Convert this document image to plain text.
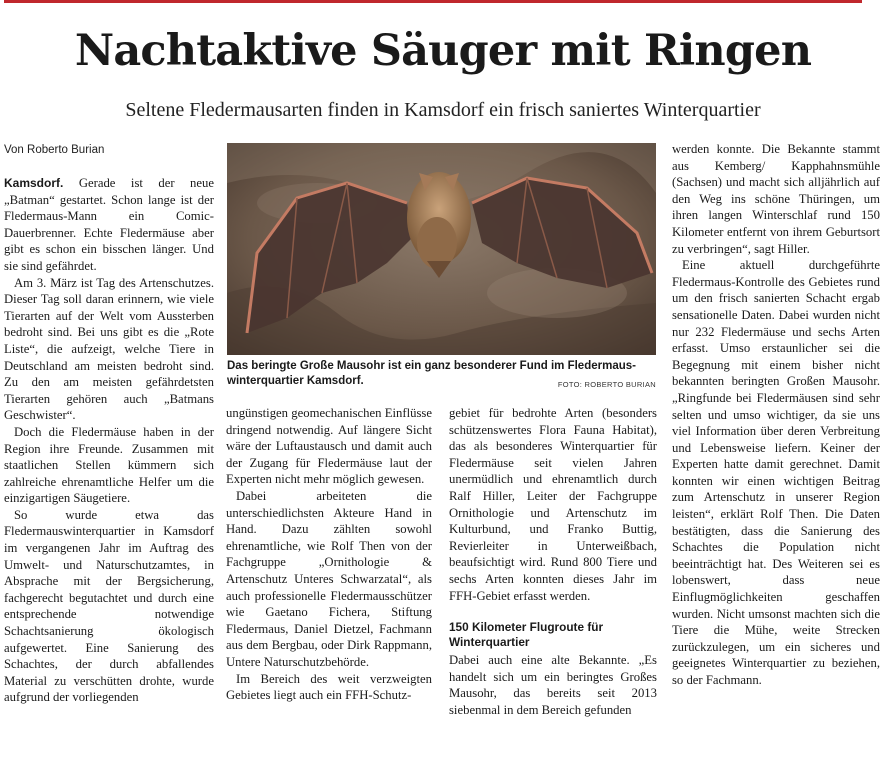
Nachtaktive Säuger mit Ringen
Seltene Fledermausarten finden in Kamsdorf ein frisch saniertes Winterquartier
Von Roberto Burian

Kamsdorf. Gerade ist der neue „Batman“ gestartet. Schon lange ist der Fledermaus-Mann ein Comic-Dauerbrenner. Echte Fledermäuse aber gibt es schon ein bisschen länger. Und sie sind gefährdet.

Am 3. März ist Tag des Artenschutzes. Dieser Tag soll daran erinnern, wie viele Tierarten auf der Welt vom Aussterben bedroht sind. Bei uns gibt es die „Rote Liste“, die aufzeigt, welche Tiere in Deutschland am meisten bedroht sind. Zu den am meisten gefährdetsten Tierarten gehören auch „Batmans Geschwister“.

Doch die Fledermäuse haben in der Region ihre Freunde. Zusammen mit staatlichen Stellen kümmern sich zahlreiche ehrenamtliche Helfer um die einzigartigen Säugetiere.

So wurde etwa das Fledermauswinterquartier in Kamsdorf im vergangenen Jahr im Auftrag des Umwelt- und Naturschutzamtes, in Absprache mit der Bergsicherung, fachgerecht begutachtet und durch eine entsprechende notwendige Schachtsanierung ökologisch aufgewertet. Eine Sanierung des Schachtes, der durch abfallendes Material zu verschütten drohte, wurde aufgrund der vorliegenden

Das beringte Große Mausohr ist ein ganz besonderer Fund im Fledermauswinterquartier Kamsdorf.	FOTO: ROBERTO BURIAN

ungünstigen geomechanischen Einflüsse dringend notwendig. Auf längere Sicht wäre der Luftaustausch und damit auch der Zugang für Fledermäuse laut der Experten nicht mehr möglich gewesen.

Dabei arbeiteten die unterschiedlichsten Akteure Hand in Hand. Dazu zählten sowohl ehrenamtliche, wie Rolf Then von der Fachgruppe „Ornithologie & Artenschutz Unteres Schwarzatal“, als auch professionelle Fledermausschützer wie Gaetano Fichera, Stiftung Fledermaus, Daniel Dietzel, Fachmann aus dem Bergbau, oder Dirk Rappmann, Untere Naturschutzbehörde.

Im Bereich des weit verzweigten Gebietes liegt auch ein FFH-Schutz-

gebiet für bedrohte Arten (besonders schützenswertes Flora Fauna Habitat), das als besonderes Winterquartier für Fledermäuse seit vielen Jahren unermüdlich und ehrenamtlich durch Ralf Hiller, Leiter der Fachgruppe Ornithologie und Artenschutz im Kulturbund, und Franko Buttig, Revierleiter in Unterweißbach, beaufsichtigt wird. Rund 800 Tiere und sechs Arten konnten dieses Jahr im FFH-Gebiet erfasst werden.

150 Kilometer Flugroute für Winterquartier

Dabei auch eine alte Bekannte. „Es handelt sich um ein beringtes Großes Mausohr, das bereits seit 2013 siebenmal in dem Bereich gefunden

werden konnte. Die Bekannte stammt aus Kemberg/ Kapphahnsmühle (Sachsen) und macht sich alljährlich auf den Weg ins schöne Thüringen, um ihren langen Winterschlaf rund 150 Kilometer entfernt von ihrem Geburtsort zu verbringen“, sagt Hiller.

Eine aktuell durchgeführte Fledermaus-Kontrolle des Gebietes rund um den frisch sanierten Schacht ergab sensationelle Daten. Dabei wurden nicht nur 232 Fledermäuse und sechs Arten erfasst. Umso erstaunlicher sei die Begegnung mit einem bisher nicht bekannten beringten Großen Mausohr. „Ringfunde bei Fledermäusen sind sehr selten und umso wichtiger, da sie uns viel Information über deren Verbreitung und Lebensweise liefern. Keiner der Experten hatte damit gerechnet. Damit konnten wir einen wichtigen Beitrag zum Artenschutz in unserer Region leisten“, erklärt Rolf Then. Die Daten bestätigten, dass die Sanierung des Schachtes die Population nicht beeinträchtigt hat. Des Weiteren sei es lobenswert, dass neue Einflugmöglichkeiten geschaffen wurden. Nicht umsonst machten sich die Tiere die Mühe, weite Strecken zurückzulegen, um ein sicheres und geeignetes Winterquartier zu beziehen, so der Fachmann.
